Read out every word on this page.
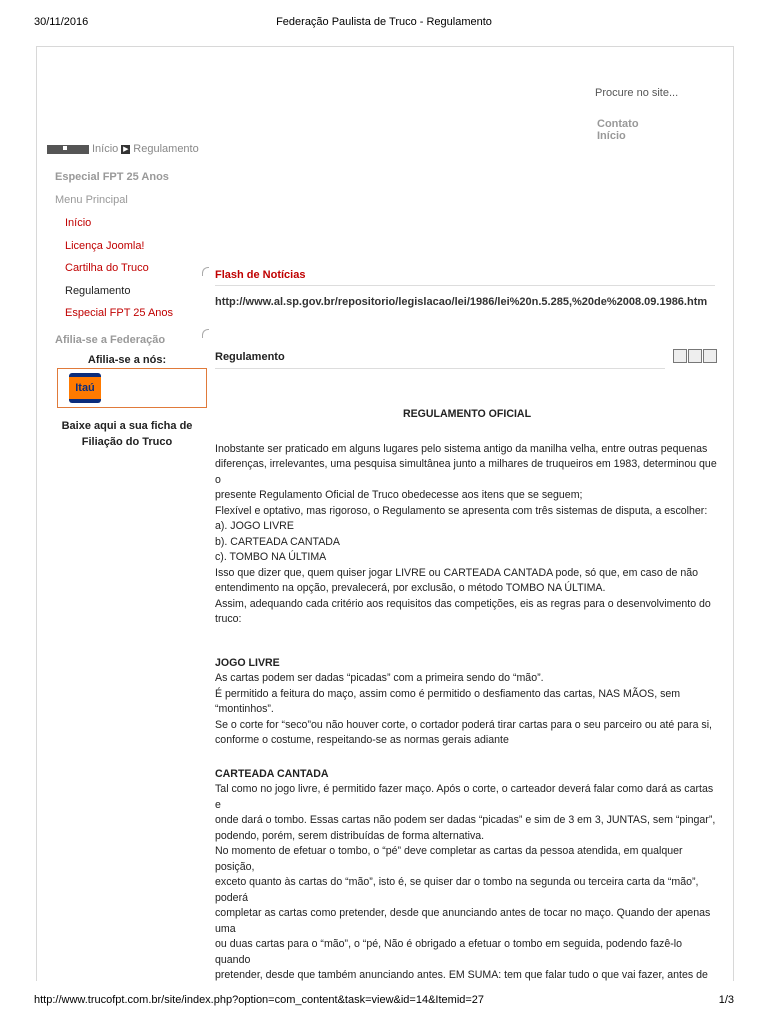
30/11/2016	Federação Paulista de Truco - Regulamento
Procure no site...
Contato Início
Início ▶ Regulamento
Especial FPT 25 Anos
Menu Principal
Início
Licença Joomla!
Cartilha do Truco
Regulamento
Especial FPT 25 Anos
Afilia-se a Federação
Afilia-se a nós:
Itaú
Baixe aqui a sua ficha de
Filiação do Truco
Flash de Notícias
http://www.al.sp.gov.br/repositorio/legislacao/lei/1986/lei%20n.5.285,%20de%2008.09.1986.htm
Regulamento
REGULAMENTO OFICIAL

Inobstante ser praticado em alguns lugares pelo sistema antigo da manilha velha, entre outras pequenas

diferenças, irrelevantes, uma pesquisa simultânea junto a milhares de truqueiros em 1983, determinou que o

presente Regulamento Oficial de Truco obedecesse aos itens que se seguem;

Flexível e optativo, mas rigoroso, o Regulamento se apresenta com três sistemas de disputa, a escolher:

a). JOGO LIVRE

b). CARTEADA CANTADA

c). TOMBO NA ÚLTIMA

Isso que dizer que, quem quiser jogar LIVRE ou CARTEADA CANTADA pode, só que, em caso de não

entendimento na opção, prevalecerá, por exclusão, o método TOMBO NA ÚLTIMA.

Assim, adequando cada critério aos requisitos das competições, eis as regras para o desenvolvimento do truco:

JOGO LIVRE

As cartas podem ser dadas “picadas” com a primeira sendo do “mão”.

É permitido a feitura do maço, assim como é permitido o desfiamento das cartas, NAS MÃOS, sem “montinhos”.

Se o corte for “seco”ou não houver corte, o cortador poderá tirar cartas para o seu parceiro ou até para si,

conforme o costume, respeitando-se as normas gerais adiante

CARTEADA CANTADA

Tal como no jogo livre, é permitido fazer maço. Após o corte, o carteador deverá falar como dará as cartas e

onde dará o tombo. Essas cartas não podem ser dadas “picadas” e sim de 3 em 3, JUNTAS, sem “pingar”,

podendo, porém, serem distribuídas de forma alternativa.

No momento de efetuar o tombo, o “pé” deve completar as cartas da pessoa atendida, em qualquer posição,

exceto quanto às cartas do “mão”, isto é, se quiser dar o tombo na segunda ou terceira carta da “mão”, poderá

completar as cartas como pretender, desde que anunciando antes de tocar no maço. Quando der apenas uma

ou duas cartas para o “mão”, o “pé, Não é obrigado a efetuar o tombo em seguida, podendo fazê-lo quando

pretender, desde que também anunciando antes. EM SUMA: tem que falar tudo o que vai fazer, antes de

http://www.trucofpt.com.br/site/index.php?option=com_content&task=view&id=14&Itemid=27	1/3
